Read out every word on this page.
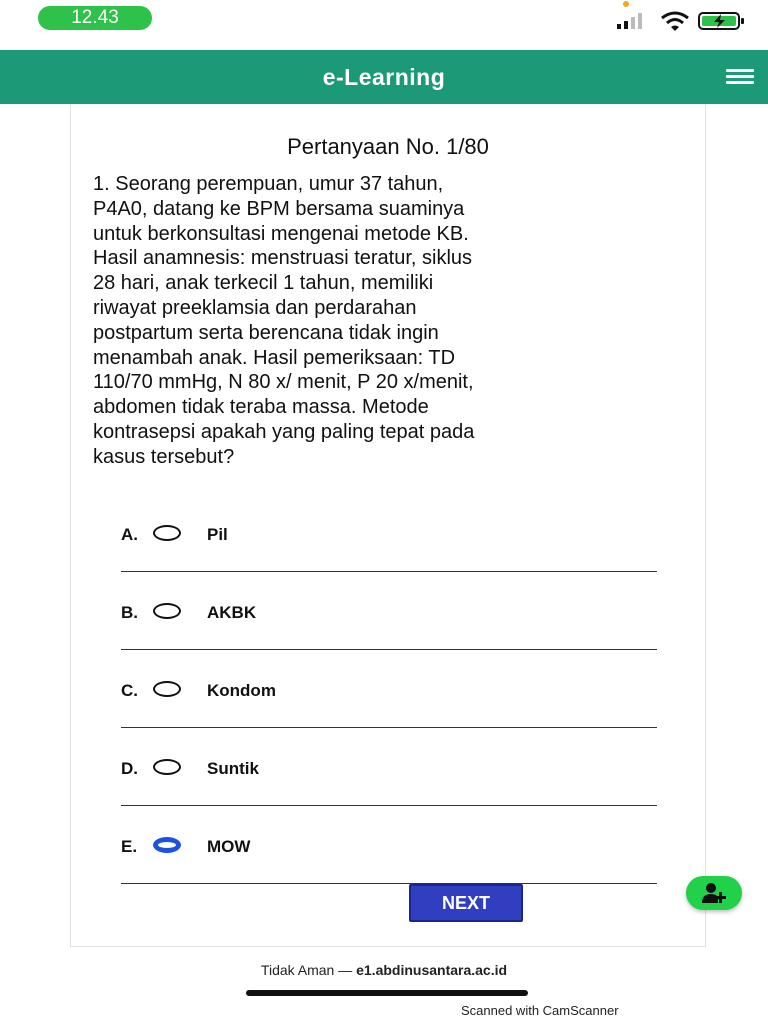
12.43
e-Learning
Pertanyaan No. 1/80
1. Seorang perempuan, umur 37 tahun,
P4A0, datang ke BPM bersama suaminya
untuk berkonsultasi mengenai metode KB.
Hasil anamnesis: menstruasi teratur, siklus
28 hari, anak terkecil 1 tahun, memiliki
riwayat preeklamsia dan perdarahan
postpartum serta berencana tidak ingin
menambah anak. Hasil pemeriksaan: TD
110/70 mmHg, N 80 x/ menit, P 20 x/menit,
abdomen tidak teraba massa. Metode
kontrasepsi apakah yang paling tepat pada
kasus tersebut?
A.	Pil
B.	AKBK
C.	Kondom
D.	Suntik
E.	MOW
NEXT
Tidak Aman — e1.abdinusantara.ac.id
Scanned with CamScanner
